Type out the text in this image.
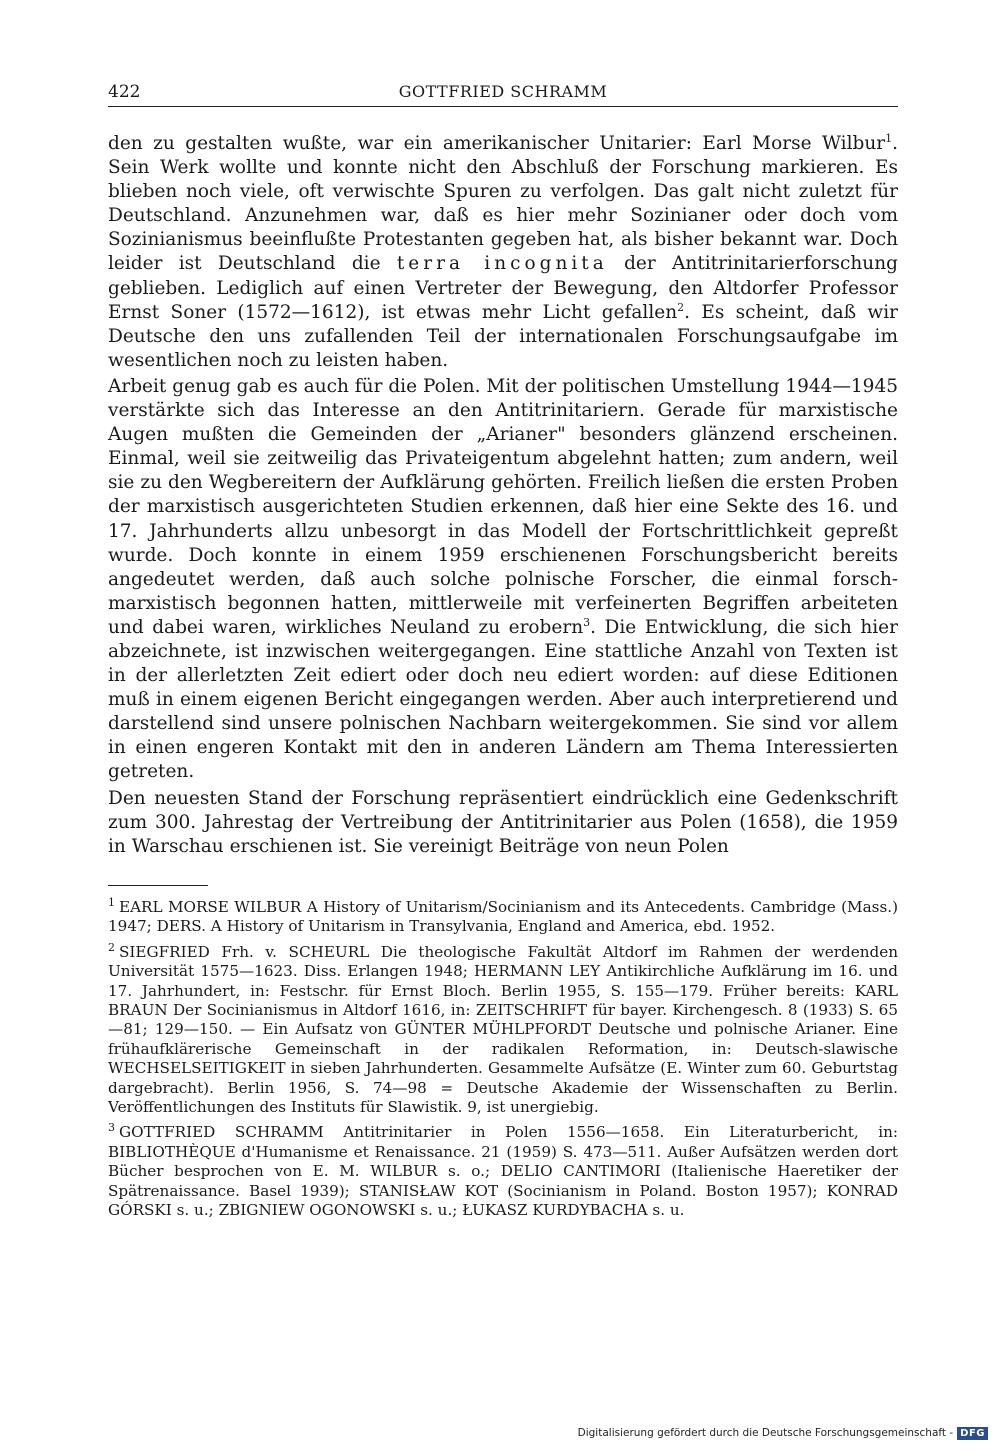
422	GOTTFRIED SCHRAMM

den zu gestalten wußte, war ein amerikanischer Unitarier: Earl Morse Wilbur$^1$. Sein Werk wollte und konnte nicht den Abschluß der Forschung markieren. Es blieben noch viele, oft verwischte Spuren zu verfolgen. Das galt nicht zuletzt für Deutschland. Anzunehmen war, daß es hier mehr Sozinianer oder doch vom Sozinianismus beeinflußte Protestanten gegeben hat, als bisher bekannt war. Doch leider ist Deutschland die terra incognita der Antitrinitarierforschung geblieben. Lediglich auf einen Vertreter der Bewegung, den Altdorfer Professor Ernst Soner (1572—1612), ist etwas mehr Licht gefallen$^2$. Es scheint, daß wir Deutsche den uns zufallenden Teil der internationalen Forschungsaufgabe im wesentlichen noch zu leisten haben.

Arbeit genug gab es auch für die Polen. Mit der politischen Umstellung 1944—1945 verstärkte sich das Interesse an den Antitrinitariern. Gerade für marxistische Augen mußten die Gemeinden der „Arianer" besonders glänzend erscheinen. Einmal, weil sie zeitweilig das Privateigentum abgelehnt hatten; zum andern, weil sie zu den Wegbereitern der Aufklärung gehörten. Freilich ließen die ersten Proben der marxistisch ausgerichteten Studien erkennen, daß hier eine Sekte des 16. und 17. Jahrhunderts allzu unbesorgt in das Modell der Fortschrittlichkeit gepreßt wurde. Doch konnte in einem 1959 erschienenen Forschungsbericht bereits angedeutet werden, daß auch solche polnische Forscher, die einmal forsch-marxistisch begonnen hatten, mittlerweile mit verfeinerten Begriffen arbeiteten und dabei waren, wirkliches Neuland zu erobern$^3$. Die Entwicklung, die sich hier abzeichnete, ist inzwischen weitergegangen. Eine stattliche Anzahl von Texten ist in der allerletzten Zeit ediert oder doch neu ediert worden: auf diese Editionen muß in einem eigenen Bericht eingegangen werden. Aber auch interpretierend und darstellend sind unsere polnischen Nachbarn weitergekommen. Sie sind vor allem in einen engeren Kontakt mit den in anderen Ländern am Thema Interessierten getreten.

Den neuesten Stand der Forschung repräsentiert eindrücklich eine Gedenkschrift zum 300. Jahrestag der Vertreibung der Antitrinitarier aus Polen (1658), die 1959 in Warschau erschienen ist. Sie vereinigt Beiträge von neun Polen

$^1$ EARL MORSE WILBUR A History of Unitarism/Socinianism and its Antecedents. Cambridge (Mass.) 1947; DERS. A History of Unitarism in Transylvania, England and America, ebd. 1952.

$^2$ SIEGFRIED Frh. v. SCHEURL Die theologische Fakultät Altdorf im Rahmen der werdenden Universität 1575—1623. Diss. Erlangen 1948; HERMANN LEY Antikirchliche Aufklärung im 16. und 17. Jahrhundert, in: Festschr. für Ernst Bloch. Berlin 1955, S. 155—179. Früher bereits: KARL BRAUN Der Socinianismus in Altdorf 1616, in: ZEITSCHRIFT für bayer. Kirchengesch. 8 (1933) S. 65—81; 129—150. — Ein Aufsatz von GÜNTER MÜHLPFORDT Deutsche und polnische Arianer. Eine frühaufklärerische Gemeinschaft in der radikalen Reformation, in: Deutsch-slawische WECHSELSEITIGKEIT in sieben Jahrhunderten. Gesammelte Aufsätze (E. Winter zum 60. Geburtstag dargebracht). Berlin 1956, S. 74—98 = Deutsche Akademie der Wissenschaften zu Berlin. Veröffentlichungen des Instituts für Slawistik. 9, ist unergiebig.

$^3$ GOTTFRIED SCHRAMM Antitrinitarier in Polen 1556—1658. Ein Literaturbericht, in: BIBLIOTHÈQUE d'Humanisme et Renaissance. 21 (1959) S. 473—511. Außer Aufsätzen werden dort Bücher besprochen von E. M. WILBUR s. o.; DELIO CANTIMORI (Italienische Haeretiker der Spätrenaissance. Basel 1939); STANISŁAW KOT (Socinianism in Poland. Boston 1957); KONRAD GÓRSKI s. u.; ZBIGNIEW OGONOWSKI s. u.; ŁUKASZ KURDYBACHA s. u.

Digitalisierung gefördert durch die Deutsche Forschungsgemeinschaft - DFG
